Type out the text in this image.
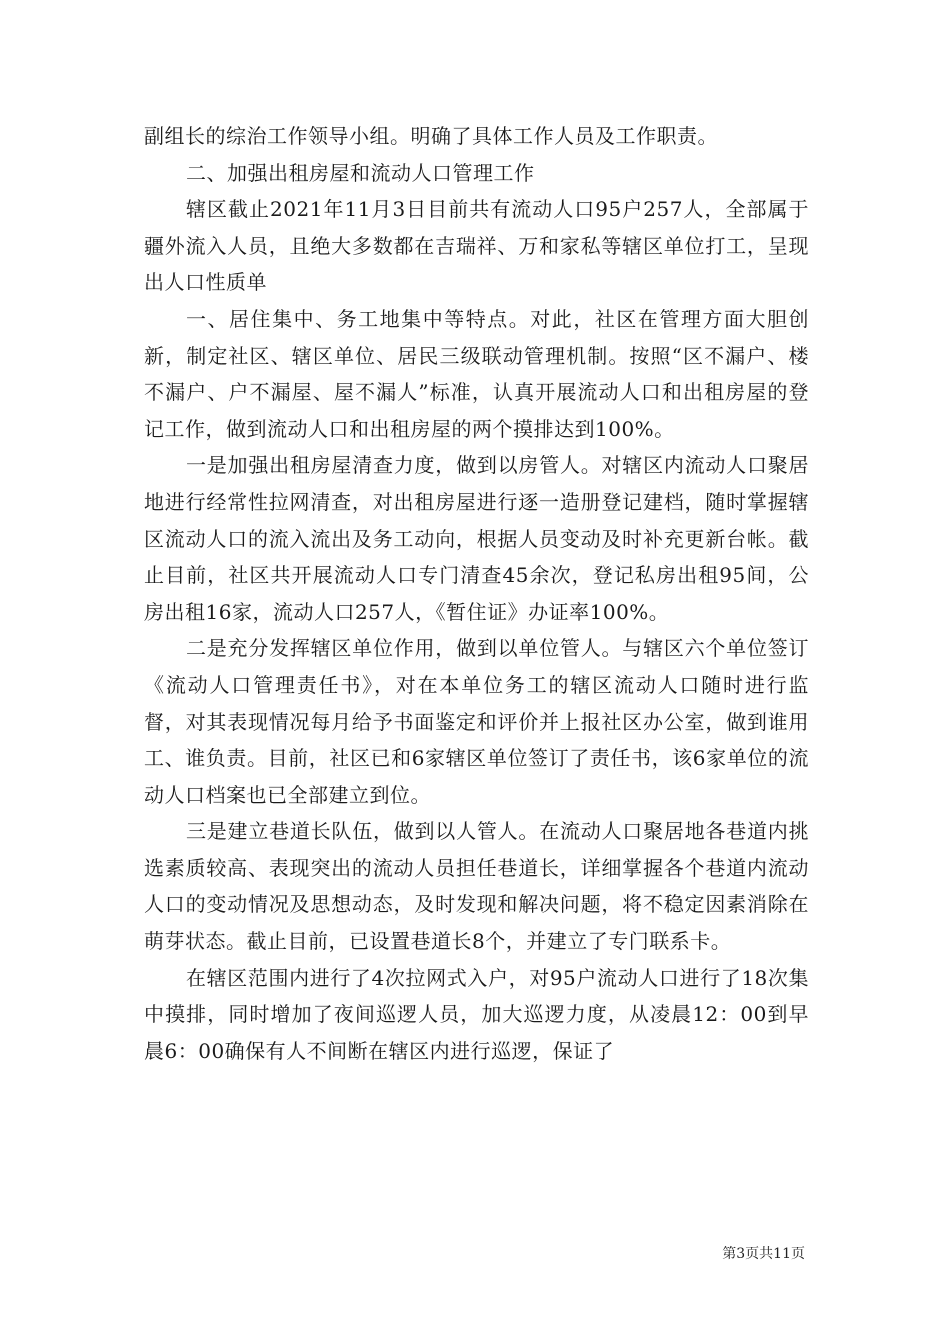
副组长的综治工作领导小组。明确了具体工作人员及工作职责。

二、加强出租房屋和流动人口管理工作

辖区截止2021年11月3日目前共有流动人口95户257人，全部属于疆外流入人员，且绝大多数都在吉瑞祥、万和家私等辖区单位打工，呈现出人口性质单

一、居住集中、务工地集中等特点。对此，社区在管理方面大胆创新，制定社区、辖区单位、居民三级联动管理机制。按照“区不漏户、楼不漏户、户不漏屋、屋不漏人”标准，认真开展流动人口和出租房屋的登记工作，做到流动人口和出租房屋的两个摸排达到100%。

一是加强出租房屋清查力度，做到以房管人。对辖区内流动人口聚居地进行经常性拉网清查，对出租房屋进行逐一造册登记建档，随时掌握辖区流动人口的流入流出及务工动向，根据人员变动及时补充更新台帐。截止目前，社区共开展流动人口专门清查45余次，登记私房出租95间，公房出租16家，流动人口257人，《暂住证》办证率100%。

二是充分发挥辖区单位作用，做到以单位管人。与辖区六个单位签订《流动人口管理责任书》，对在本单位务工的辖区流动人口随时进行监督，对其表现情况每月给予书面鉴定和评价并上报社区办公室，做到谁用工、谁负责。目前，社区已和6家辖区单位签订了责任书，该6家单位的流动人口档案也已全部建立到位。

三是建立巷道长队伍，做到以人管人。在流动人口聚居地各巷道内挑选素质较高、表现突出的流动人员担任巷道长，详细掌握各个巷道内流动人口的变动情况及思想动态，及时发现和解决问题，将不稳定因素消除在萌芽状态。截止目前，已设置巷道长8个，并建立了专门联系卡。

在辖区范围内进行了4次拉网式入户，对95户流动人口进行了18次集中摸排，同时增加了夜间巡逻人员，加大巡逻力度，从凌晨12：00到早晨6：00确保有人不间断在辖区内进行巡逻，保证了

第3页共11页
